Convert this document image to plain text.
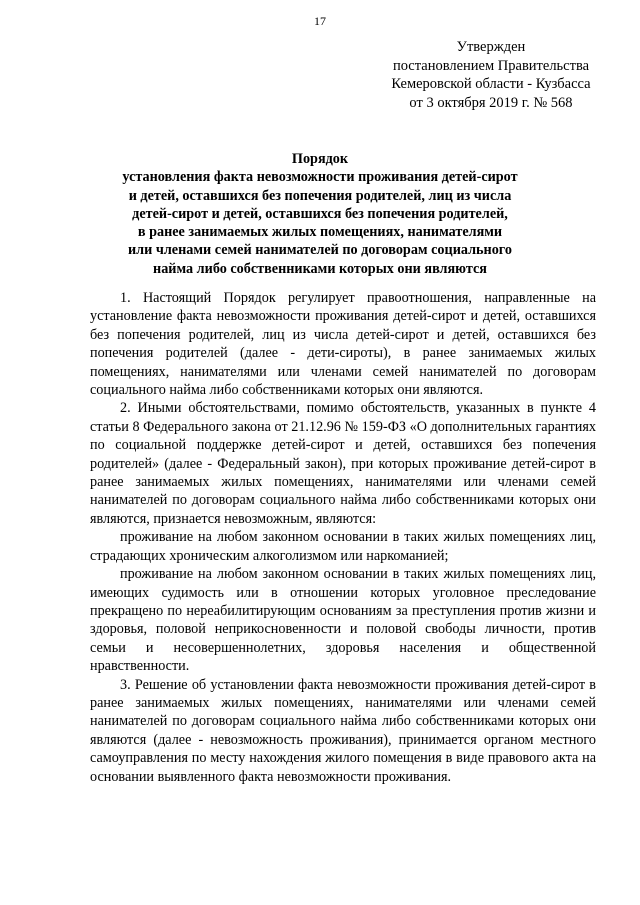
17
Утвержден
постановлением Правительства
Кемеровской области - Кузбасса
от 3 октября 2019 г. № 568
Порядок
установления факта невозможности проживания детей-сирот
и детей, оставшихся без попечения родителей, лиц из числа
детей-сирот и детей, оставшихся без попечения родителей,
в ранее занимаемых жилых помещениях, нанимателями
или членами семей нанимателей по договорам социального
найма либо собственниками которых они являются

1. Настоящий Порядок регулирует правоотношения, направленные на установление факта невозможности проживания детей-сирот и детей, оставшихся без попечения родителей, лиц из числа детей-сирот и детей, оставшихся без попечения родителей (далее - дети-сироты), в ранее занимаемых жилых помещениях, нанимателями или членами семей нанимателей по договорам социального найма либо собственниками которых они являются.

2. Иными обстоятельствами, помимо обстоятельств, указанных в пункте 4 статьи 8 Федерального закона от 21.12.96 № 159-ФЗ «О дополнительных гарантиях по социальной поддержке детей-сирот и детей, оставшихся без попечения родителей» (далее - Федеральный закон), при которых проживание детей-сирот в ранее занимаемых жилых помещениях, нанимателями или членами семей нанимателей по договорам социального найма либо собственниками которых они являются, признается невозможным, являются:

проживание на любом законном основании в таких жилых помещениях лиц, страдающих хроническим алкоголизмом или наркоманией;

проживание на любом законном основании в таких жилых помещениях лиц, имеющих судимость или в отношении которых уголовное преследование прекращено по нереабилитирующим основаниям за преступления против жизни и здоровья, половой неприкосновенности и половой свободы личности, против семьи и несовершеннолетних, здоровья населения и общественной нравственности.

3. Решение об установлении факта невозможности проживания детей-сирот в ранее занимаемых жилых помещениях, нанимателями или членами семей нанимателей по договорам социального найма либо собственниками которых они являются (далее - невозможность проживания), принимается органом местного самоуправления по месту нахождения жилого помещения в виде правового акта на основании выявленного факта невозможности проживания.
